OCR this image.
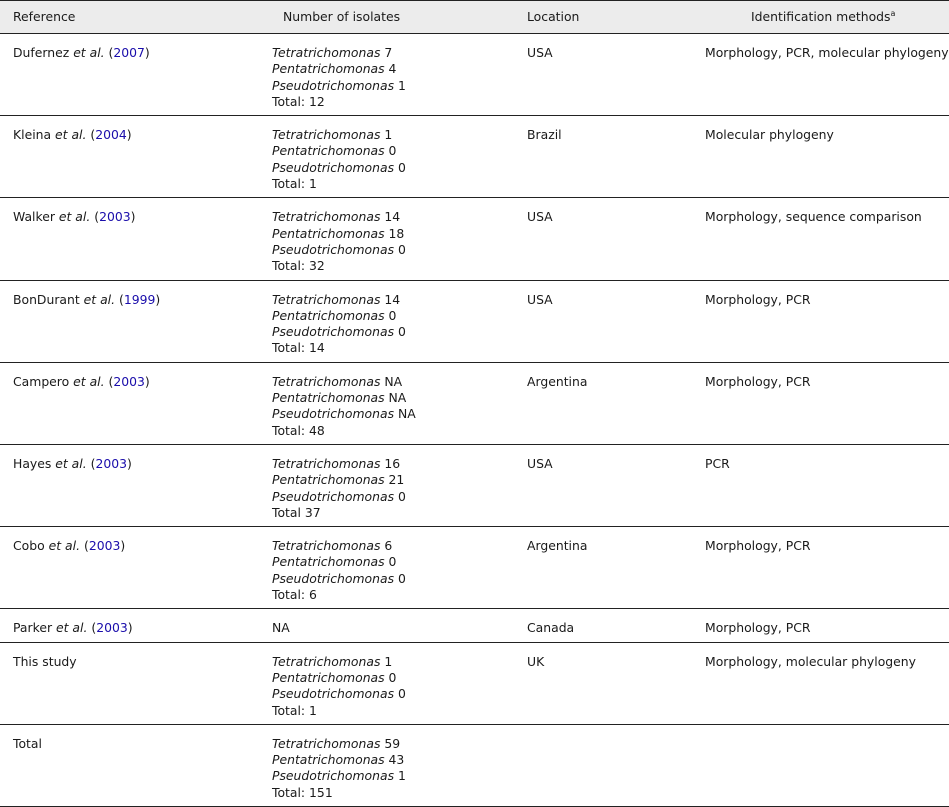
Reference	Number of isolates	Location	Identification methods$^a$
Dufernez et al. (2007)	Tetratrichomonas 7
Pentatrichomonas 4
Pseudotrichomonas 1
Total: 12	USA	Morphology, PCR, molecular phylogeny
Kleina et al. (2004)	Tetratrichomonas 1
Pentatrichomonas 0
Pseudotrichomonas 0
Total: 1	Brazil	Molecular phylogeny
Walker et al. (2003)	Tetratrichomonas 14
Pentatrichomonas 18
Pseudotrichomonas 0
Total: 32	USA	Morphology, sequence comparison
BonDurant et al. (1999)	Tetratrichomonas 14
Pentatrichomonas 0
Pseudotrichomonas 0
Total: 14	USA	Morphology, PCR
Campero et al. (2003)	Tetratrichomonas NA
Pentatrichomonas NA
Pseudotrichomonas NA
Total: 48	Argentina	Morphology, PCR
Hayes et al. (2003)	Tetratrichomonas 16
Pentatrichomonas 21
Pseudotrichomonas 0
Total 37	USA	PCR
Cobo et al. (2003)	Tetratrichomonas 6
Pentatrichomonas 0
Pseudotrichomonas 0
Total: 6	Argentina	Morphology, PCR
Parker et al. (2003)	NA	Canada	Morphology, PCR
This study	Tetratrichomonas 1
Pentatrichomonas 0
Pseudotrichomonas 0
Total: 1	UK	Morphology, molecular phylogeny
Total	Tetratrichomonas 59
Pentatrichomonas 43
Pseudotrichomonas 1
Total: 151		
